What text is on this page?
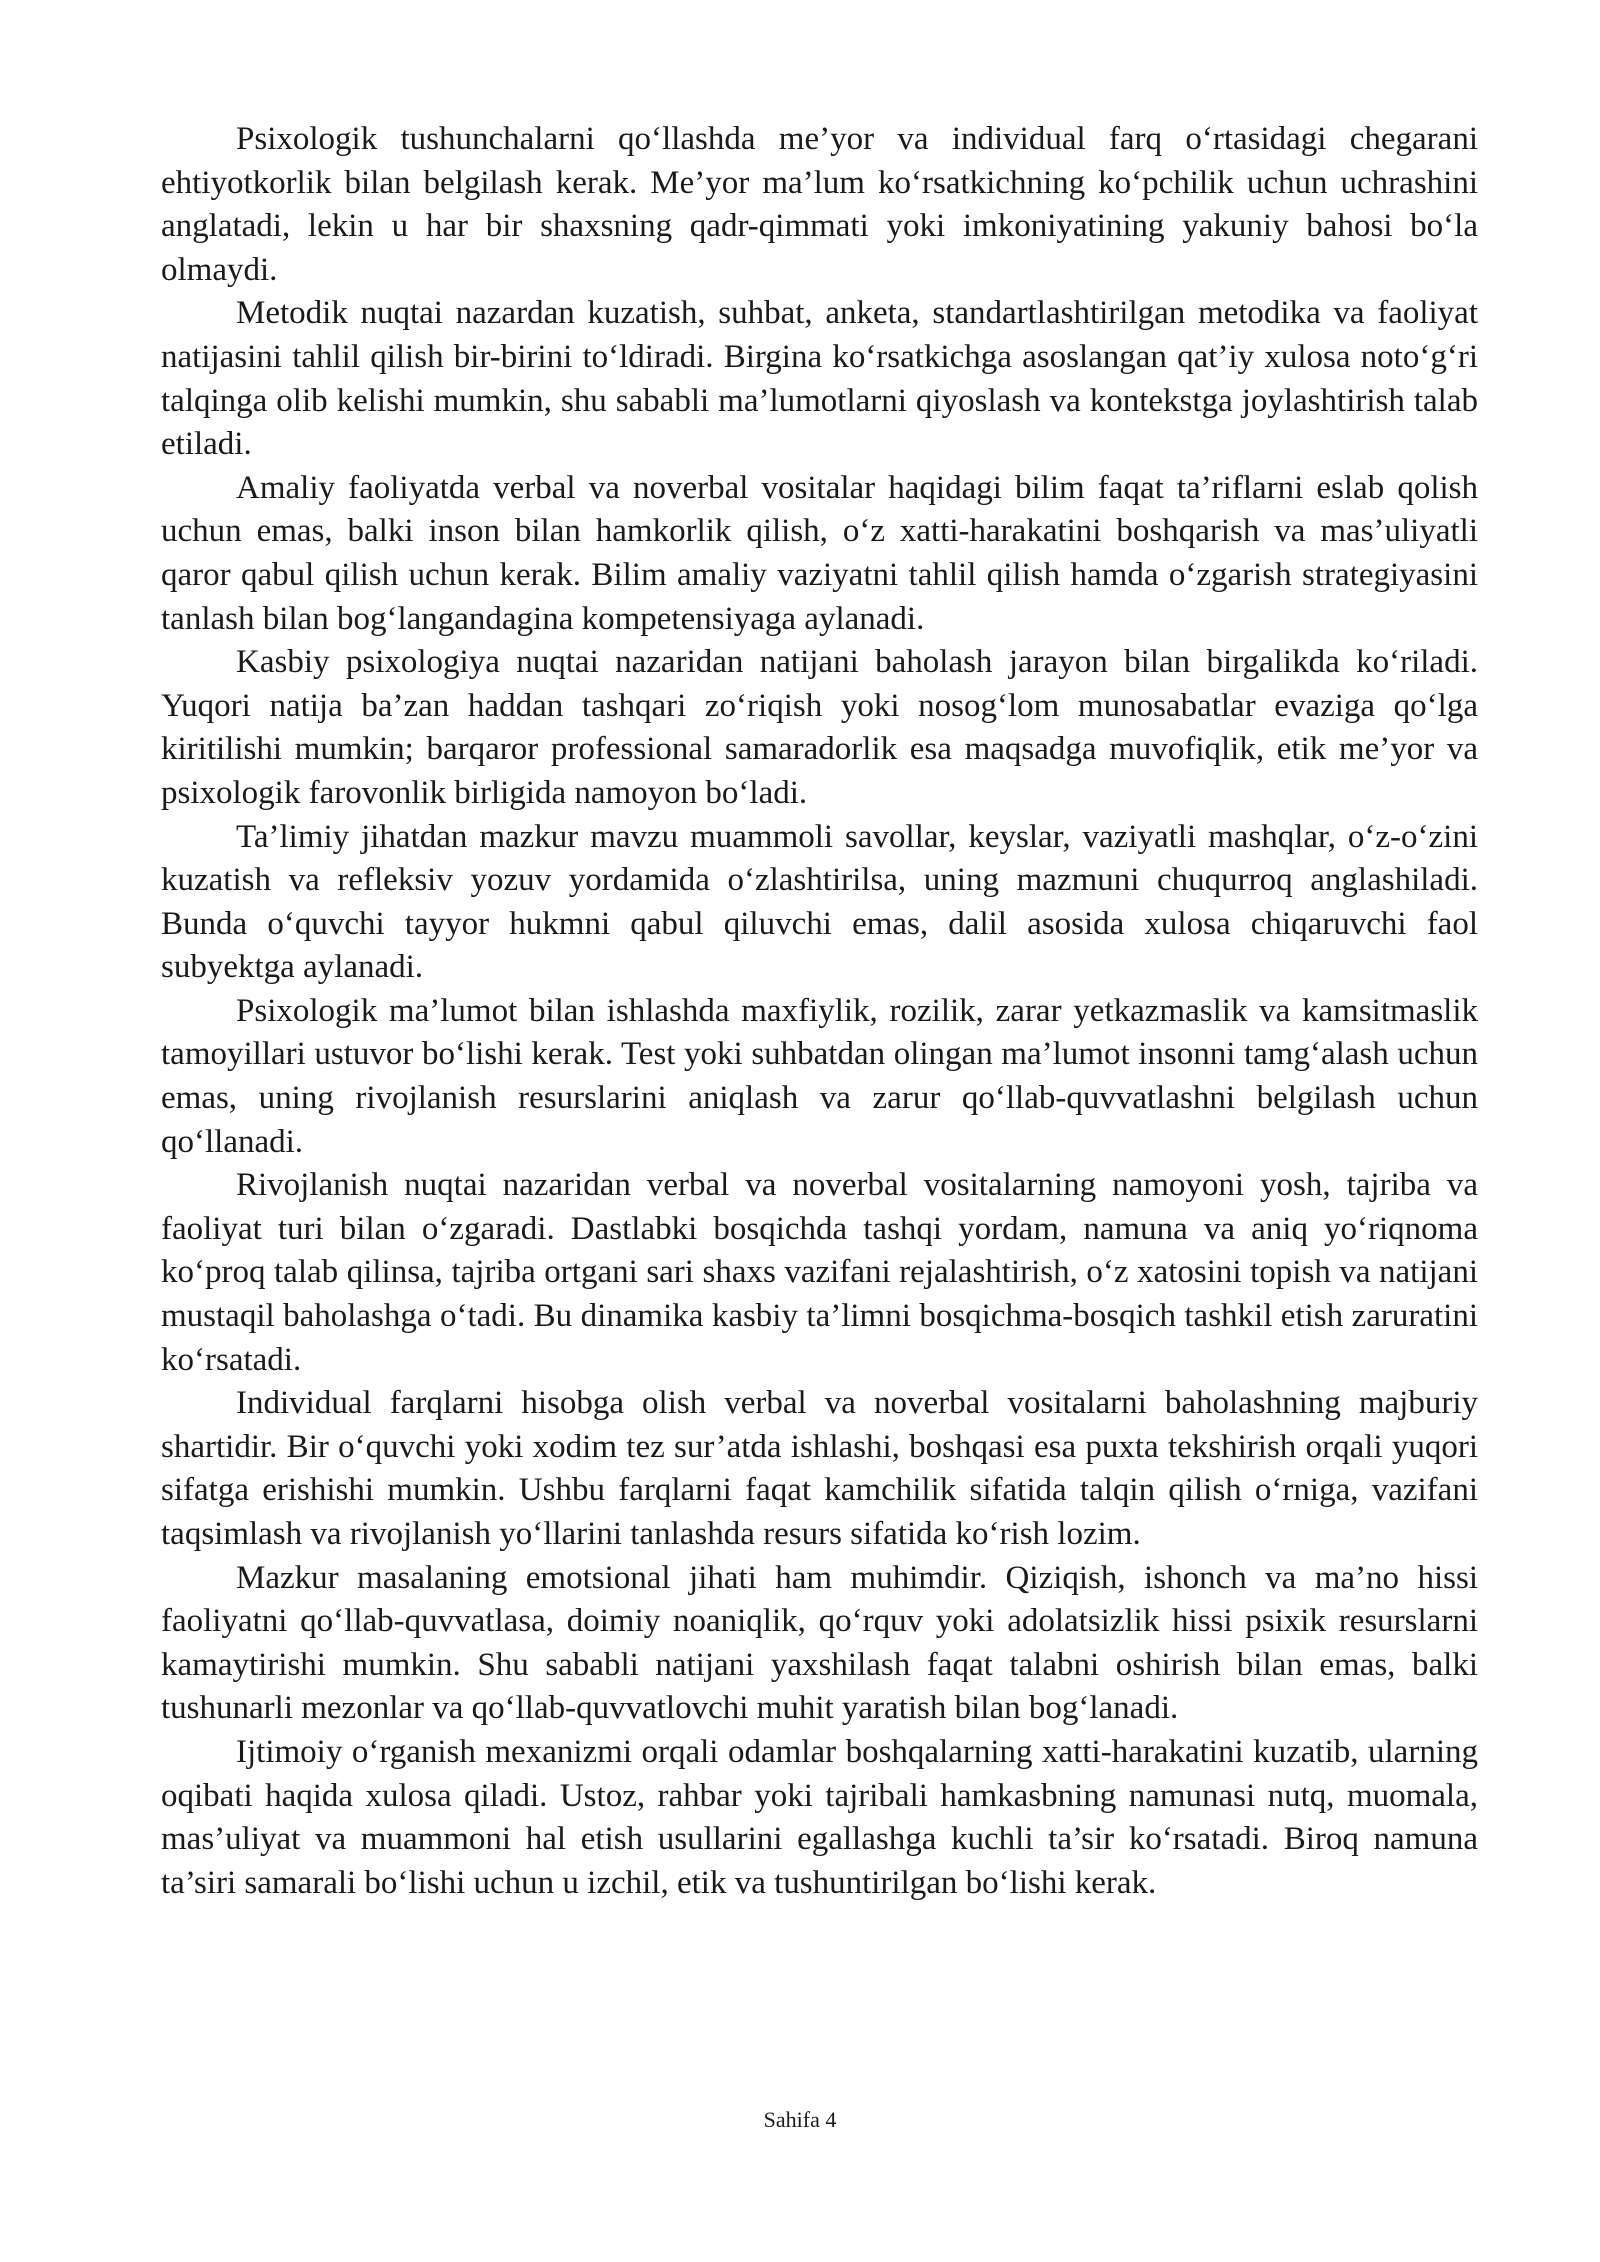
Psixologik tushunchalarni qo‘llashda me’yor va individual farq o‘rtasidagi chegarani ehtiyotkorlik bilan belgilash kerak. Me’yor ma’lum ko‘rsatkichning ko‘pchilik uchun uchrashini anglatadi, lekin u har bir shaxsning qadr-qimmati yoki imkoniyatining yakuniy bahosi bo‘la olmaydi.

Metodik nuqtai nazardan kuzatish, suhbat, anketa, standartlashtirilgan metodika va faoliyat natijasini tahlil qilish bir-birini to‘ldiradi. Birgina ko‘rsatkichga asoslangan qat’iy xulosa noto‘g‘ri talqinga olib kelishi mumkin, shu sababli ma’lumotlarni qiyoslash va kontekstga joylashtirish talab etiladi.

Amaliy faoliyatda verbal va noverbal vositalar haqidagi bilim faqat ta’riflarni eslab qolish uchun emas, balki inson bilan hamkorlik qilish, o‘z xatti-harakatini boshqarish va mas’uliyatli qaror qabul qilish uchun kerak. Bilim amaliy vaziyatni tahlil qilish hamda o‘zgarish strategiyasini tanlash bilan bog‘langandagina kompetensiyaga aylanadi.

Kasbiy psixologiya nuqtai nazaridan natijani baholash jarayon bilan birgalikda ko‘riladi. Yuqori natija ba’zan haddan tashqari zo‘riqish yoki nosog‘lom munosabatlar evaziga qo‘lga kiritilishi mumkin; barqaror professional samaradorlik esa maqsadga muvofiqlik, etik me’yor va psixologik farovonlik birligida namoyon bo‘ladi.

Ta’limiy jihatdan mazkur mavzu muammoli savollar, keyslar, vaziyatli mashqlar, o‘z-o‘zini kuzatish va refleksiv yozuv yordamida o‘zlashtirilsa, uning mazmuni chuqurroq anglashiladi. Bunda o‘quvchi tayyor hukmni qabul qiluvchi emas, dalil asosida xulosa chiqaruvchi faol subyektga aylanadi.

Psixologik ma’lumot bilan ishlashda maxfiylik, rozilik, zarar yetkazmaslik va kamsitmaslik tamoyillari ustuvor bo‘lishi kerak. Test yoki suhbatdan olingan ma’lumot insonni tamg‘alash uchun emas, uning rivojlanish resurslarini aniqlash va zarur qo‘llab-quvvatlashni belgilash uchun qo‘llanadi.

Rivojlanish nuqtai nazaridan verbal va noverbal vositalarning namoyoni yosh, tajriba va faoliyat turi bilan o‘zgaradi. Dastlabki bosqichda tashqi yordam, namuna va aniq yo‘riqnoma ko‘proq talab qilinsa, tajriba ortgani sari shaxs vazifani rejalashtirish, o‘z xatosini topish va natijani mustaqil baholashga o‘tadi. Bu dinamika kasbiy ta’limni bosqichma-bosqich tashkil etish zaruratini ko‘rsatadi.

Individual farqlarni hisobga olish verbal va noverbal vositalarni baholashning majburiy shartidir. Bir o‘quvchi yoki xodim tez sur’atda ishlashi, boshqasi esa puxta tekshirish orqali yuqori sifatga erishishi mumkin. Ushbu farqlarni faqat kamchilik sifatida talqin qilish o‘rniga, vazifani taqsimlash va rivojlanish yo‘llarini tanlashda resurs sifatida ko‘rish lozim.

Mazkur masalaning emotsional jihati ham muhimdir. Qiziqish, ishonch va ma’no hissi faoliyatni qo‘llab-quvvatlasa, doimiy noaniqlik, qo‘rquv yoki adolatsizlik hissi psixik resurslarni kamaytirishi mumkin. Shu sababli natijani yaxshilash faqat talabni oshirish bilan emas, balki tushunarli mezonlar va qo‘llab-quvvatlovchi muhit yaratish bilan bog‘lanadi.

Ijtimoiy o‘rganish mexanizmi orqali odamlar boshqalarning xatti-harakatini kuzatib, ularning oqibati haqida xulosa qiladi. Ustoz, rahbar yoki tajribali hamkasbning namunasi nutq, muomala, mas’uliyat va muammoni hal etish usullarini egallashga kuchli ta’sir ko‘rsatadi. Biroq namuna ta’siri samarali bo‘lishi uchun u izchil, etik va tushuntirilgan bo‘lishi kerak.

Sahifa 4
